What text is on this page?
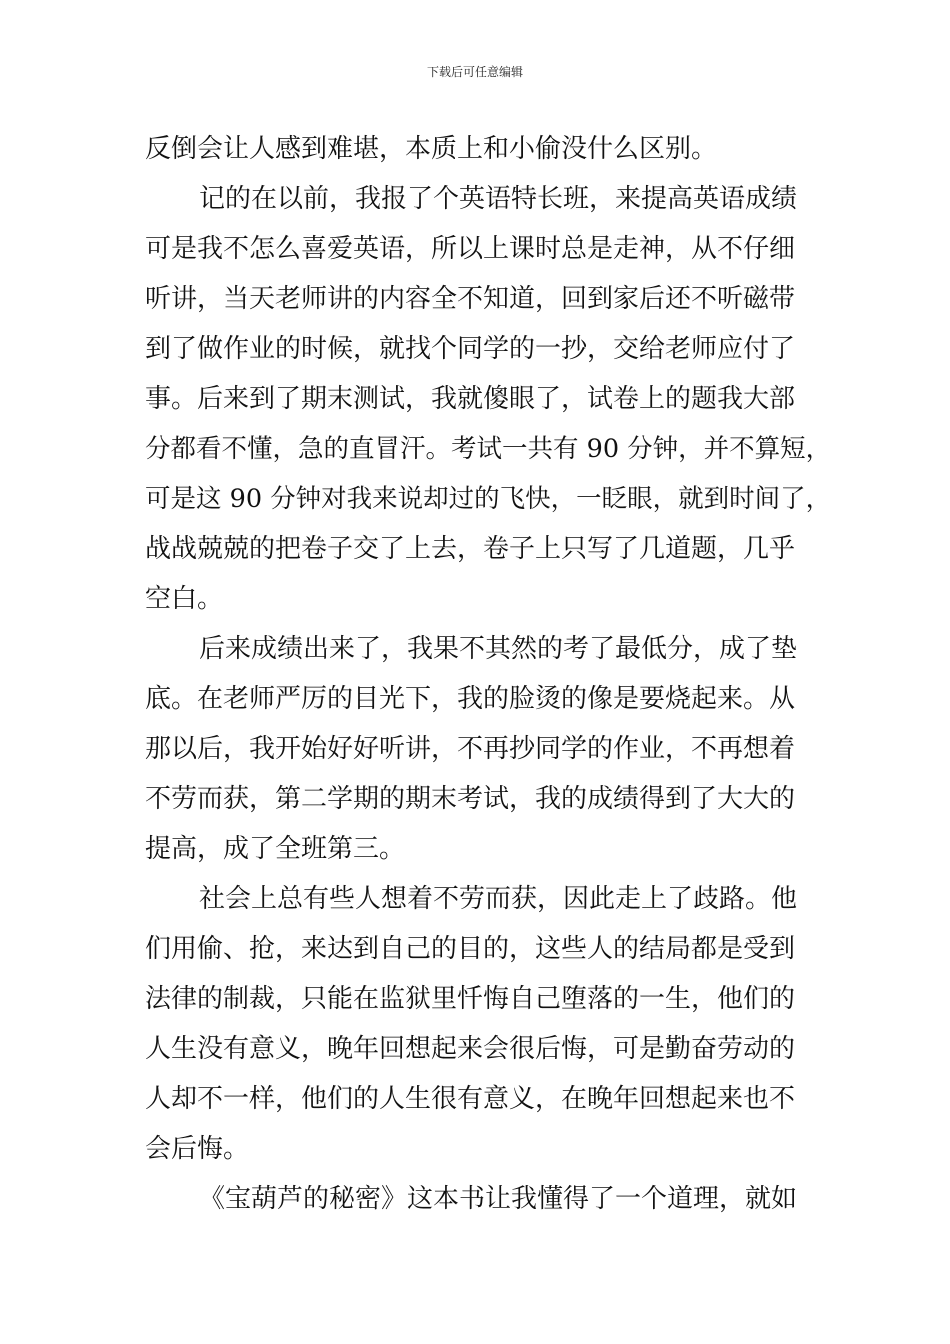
下载后可任意编辑
反倒会让人感到难堪，本质上和小偷没什么区别。
记的在以前，我报了个英语特长班，来提高英语成绩
可是我不怎么喜爱英语，所以上课时总是走神，从不仔细
听讲，当天老师讲的内容全不知道，回到家后还不听磁带
到了做作业的时候，就找个同学的一抄，交给老师应付了
事。后来到了期末测试，我就傻眼了，试卷上的题我大部
分都看不懂，急的直冒汗。考试一共有 90 分钟，并不算短，
可是这 90 分钟对我来说却过的飞快，一眨眼，就到时间了，
战战兢兢的把卷子交了上去，卷子上只写了几道题，几乎
空白。
后来成绩出来了，我果不其然的考了最低分，成了垫
底。在老师严厉的目光下，我的脸烫的像是要烧起来。从
那以后，我开始好好听讲，不再抄同学的作业，不再想着
不劳而获，第二学期的期末考试，我的成绩得到了大大的
提高，成了全班第三。
社会上总有些人想着不劳而获，因此走上了歧路。他
们用偷、抢，来达到自己的目的，这些人的结局都是受到
法律的制裁，只能在监狱里忏悔自己堕落的一生，他们的
人生没有意义，晚年回想起来会很后悔，可是勤奋劳动的
人却不一样，他们的人生很有意义，在晚年回想起来也不
会后悔。
《宝葫芦的秘密》这本书让我懂得了一个道理，就如
